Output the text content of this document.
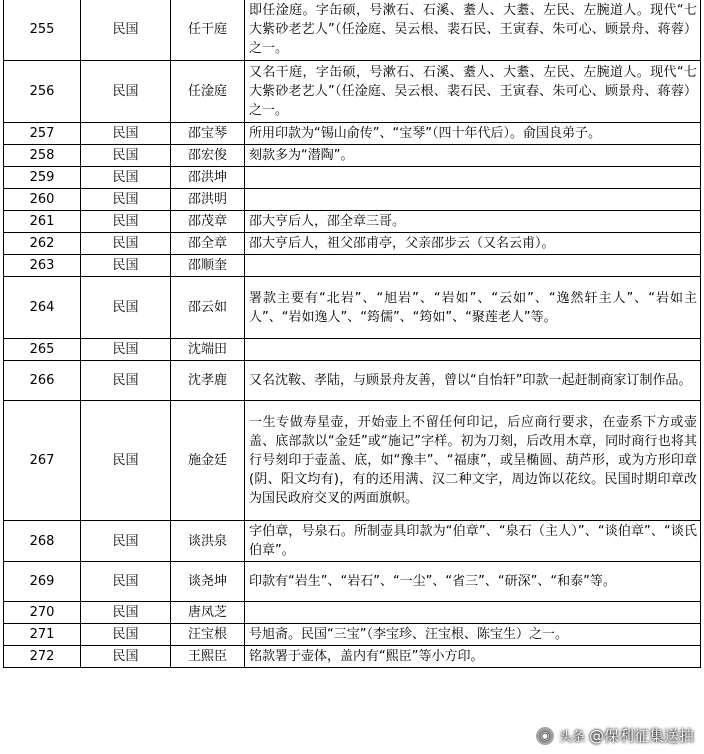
255	民国	任干庭	即任淦庭。字缶硕，号漱石、石溪、耋人、大耋、左民、左腕道人。现代“七大紫砂老艺人”（任淦庭、吴云根、裴石民、王寅春、朱可心、顾景舟、蒋蓉）之一。
256	民国	任淦庭	又名干庭，字缶硕，号漱石、石溪、耋人、大耋、左民、左腕道人。现代“七大紫砂老艺人”（任淦庭、吴云根、裴石民、王寅春、朱可心、顾景舟、蒋蓉）之一。
257	民国	邵宝琴	所用印款为“锡山俞传”、“宝琴”（四十年代后）。俞国良弟子。
258	民国	邵宏俊	刻款多为“潜陶”。
259	民国	邵洪坤	
260	民国	邵洪明	
261	民国	邵茂章	邵大亨后人，邵全章三哥。
262	民国	邵全章	邵大亨后人，祖父邵甫亭，父亲邵步云（又名云甫）。
263	民国	邵顺奎	
264	民国	邵云如	署款主要有“北岩”、“旭岩”、“岩如”、“云如”、“逸然轩主人”、“岩如主人”、“岩如逸人”、“筠儒”、“筠如”、“聚莲老人”等。
265	民国	沈端田	
266	民国	沈孝鹿	又名沈鞍、孝陆，与顾景舟友善，曾以“自怡轩”印款一起赶制商家订制作品。
267	民国	施金廷	一生专做寿星壶，开始壶上不留任何印记，后应商行要求，在壶系下方或壶盖、底部款以“金廷”或“施记”字样。初为刀刻，后改用木章，同时商行也将其行号刻印于壶盖、底，如“豫丰”、“福康”，或呈椭圆、葫芦形，或为方形印章(阴、阳文均有)，有的还用满、汉二种文字，周边饰以花纹。民国时期印章改为国民政府交叉的两面旗帜。
268	民国	谈洪泉	字伯章，号泉石。所制壶具印款为“伯章”、“泉石（主人）”、“谈伯章”、“谈氏伯章”。
269	民国	谈尧坤	印款有“岩生”、“岩石”、“一尘”、“省三”、“研深”、“和泰”等。
270	民国	唐凤芝	
271	民国	汪宝根	号旭斋。民国“三宝”（李宝珍、汪宝根、陈宝生）之一。
272	民国	王熙臣	铭款署于壶体，盖内有“熙臣”等小方印。
◉ 头条 @保利征集送拍
